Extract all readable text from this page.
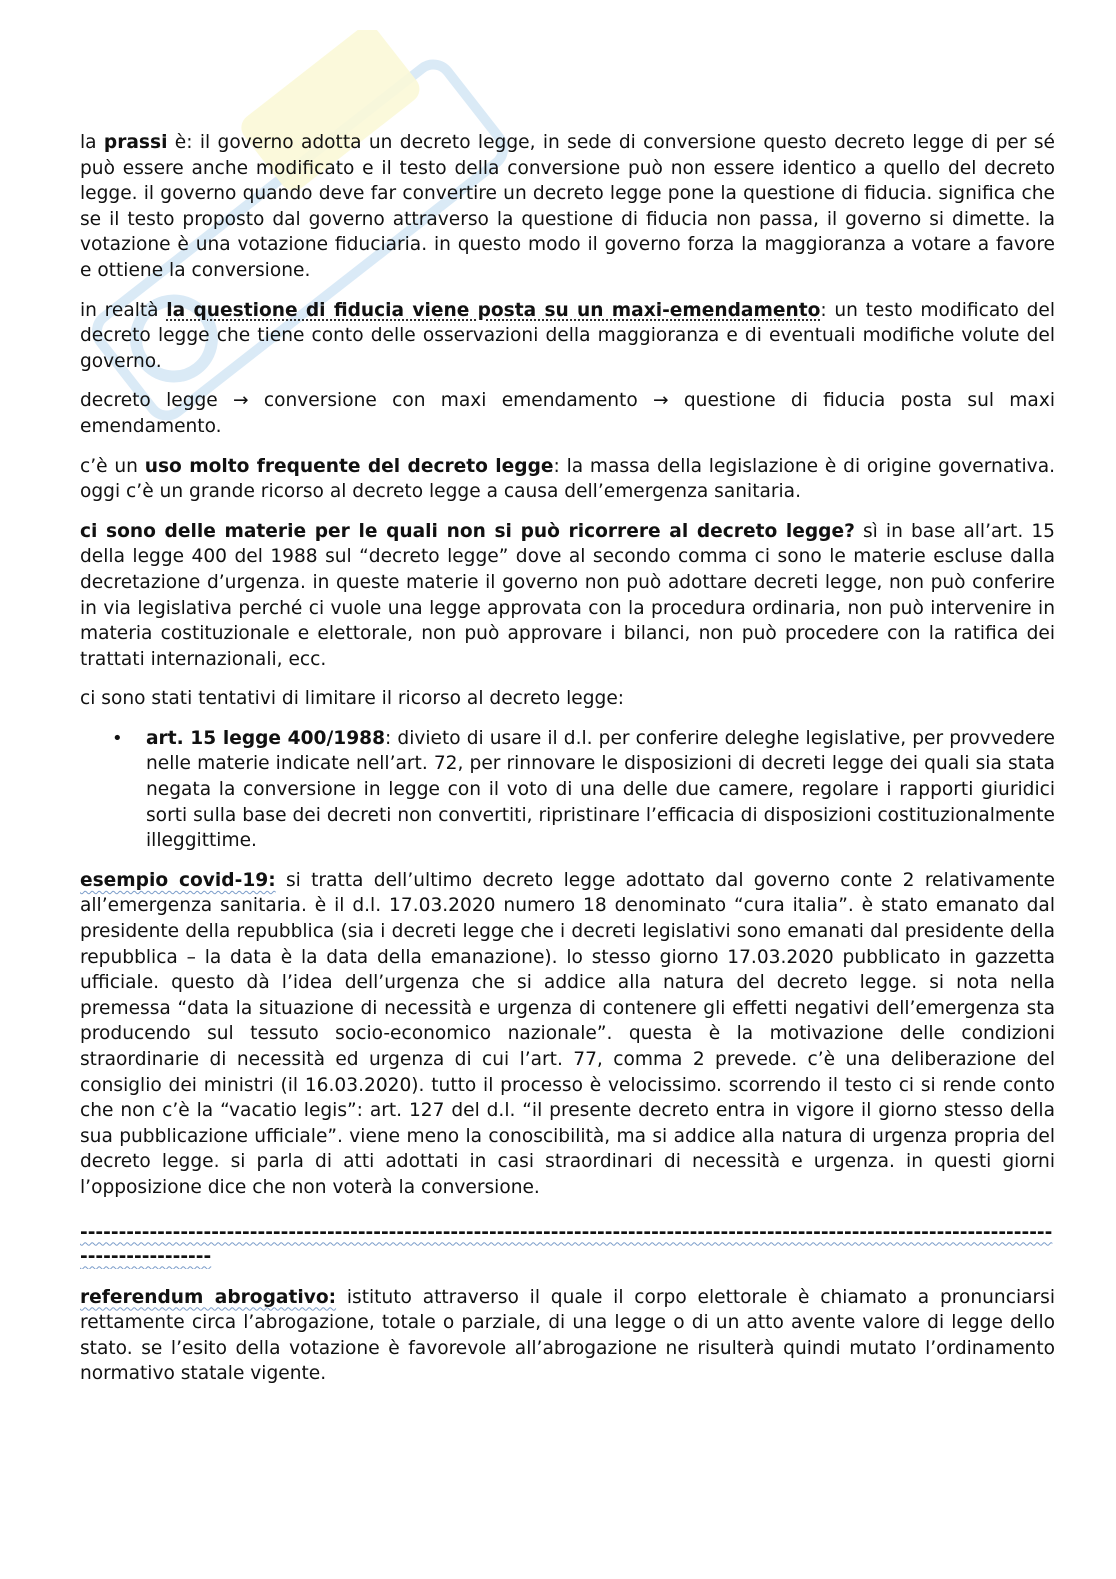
la prassi è: il governo adotta un decreto legge, in sede di conversione questo decreto legge di per sé può essere anche modificato e il testo della conversione può non essere identico a quello del decreto legge. il governo quando deve far convertire un decreto legge pone la questione di fiducia. significa che se il testo proposto dal governo attraverso la questione di fiducia non passa, il governo si dimette. la votazione è una votazione fiduciaria. in questo modo il governo forza la maggioranza a votare a favore e ottiene la conversione.

in realtà la questione di fiducia viene posta su un maxi-emendamento: un testo modificato del decreto legge che tiene conto delle osservazioni della maggioranza e di eventuali modifiche volute del governo.

decreto legge → conversione con maxi emendamento → questione di fiducia posta sul maxi emendamento.

c’è un uso molto frequente del decreto legge: la massa della legislazione è di origine governativa. oggi c’è un grande ricorso al decreto legge a causa dell’emergenza sanitaria.

ci sono delle materie per le quali non si può ricorrere al decreto legge? sì in base all’art. 15 della legge 400 del 1988 sul “decreto legge” dove al secondo comma ci sono le materie escluse dalla decretazione d’urgenza. in queste materie il governo non può adottare decreti legge, non può conferire in via legislativa perché ci vuole una legge approvata con la procedura ordinaria, non può intervenire in materia costituzionale e elettorale, non può approvare i bilanci, non può procedere con la ratifica dei trattati internazionali, ecc.

ci sono stati tentativi di limitare il ricorso al decreto legge:

• art. 15 legge 400/1988: divieto di usare il d.l. per conferire deleghe legislative, per provvedere nelle materie indicate nell’art. 72, per rinnovare le disposizioni di decreti legge dei quali sia stata negata la conversione in legge con il voto di una delle due camere, regolare i rapporti giuridici sorti sulla base dei decreti non convertiti, ripristinare l’efficacia di disposizioni costituzionalmente illeggittime.

esempio covid-19: si tratta dell’ultimo decreto legge adottato dal governo conte 2 relativamente all’emergenza sanitaria. è il d.l. 17.03.2020 numero 18 denominato “cura italia”. è stato emanato dal presidente della repubblica (sia i decreti legge che i decreti legislativi sono emanati dal presidente della repubblica – la data è la data della emanazione). lo stesso giorno 17.03.2020 pubblicato in gazzetta ufficiale. questo dà l’idea dell’urgenza che si addice alla natura del decreto legge. si nota nella premessa “data la situazione di necessità e urgenza di contenere gli effetti negativi dell’emergenza sta producendo sul tessuto socio-economico nazionale”. questa è la motivazione delle condizioni straordinarie di necessità ed urgenza di cui l’art. 77, comma 2 prevede. c’è una deliberazione del consiglio dei ministri (il 16.03.2020). tutto il processo è velocissimo. scorrendo il testo ci si rende conto che non c’è la “vacatio legis”: art. 127 del d.l. “il presente decreto entra in vigore il giorno stesso della sua pubblicazione ufficiale”. viene meno la conoscibilità, ma si addice alla natura di urgenza propria del decreto legge. si parla di atti adottati in casi straordinari di necessità e urgenza. in questi giorni l’opposizione dice che non voterà la conversione.

-----------------------------------------------------------------------------------------------------------------------------------------------

referendum abrogativo: istituto attraverso il quale il corpo elettorale è chiamato a pronunciarsi rettamente circa l’abrogazione, totale o parziale, di una legge o di un atto avente valore di legge dello stato. se l’esito della votazione è favorevole all’abrogazione ne risulterà quindi mutato l’ordinamento normativo statale vigente.
